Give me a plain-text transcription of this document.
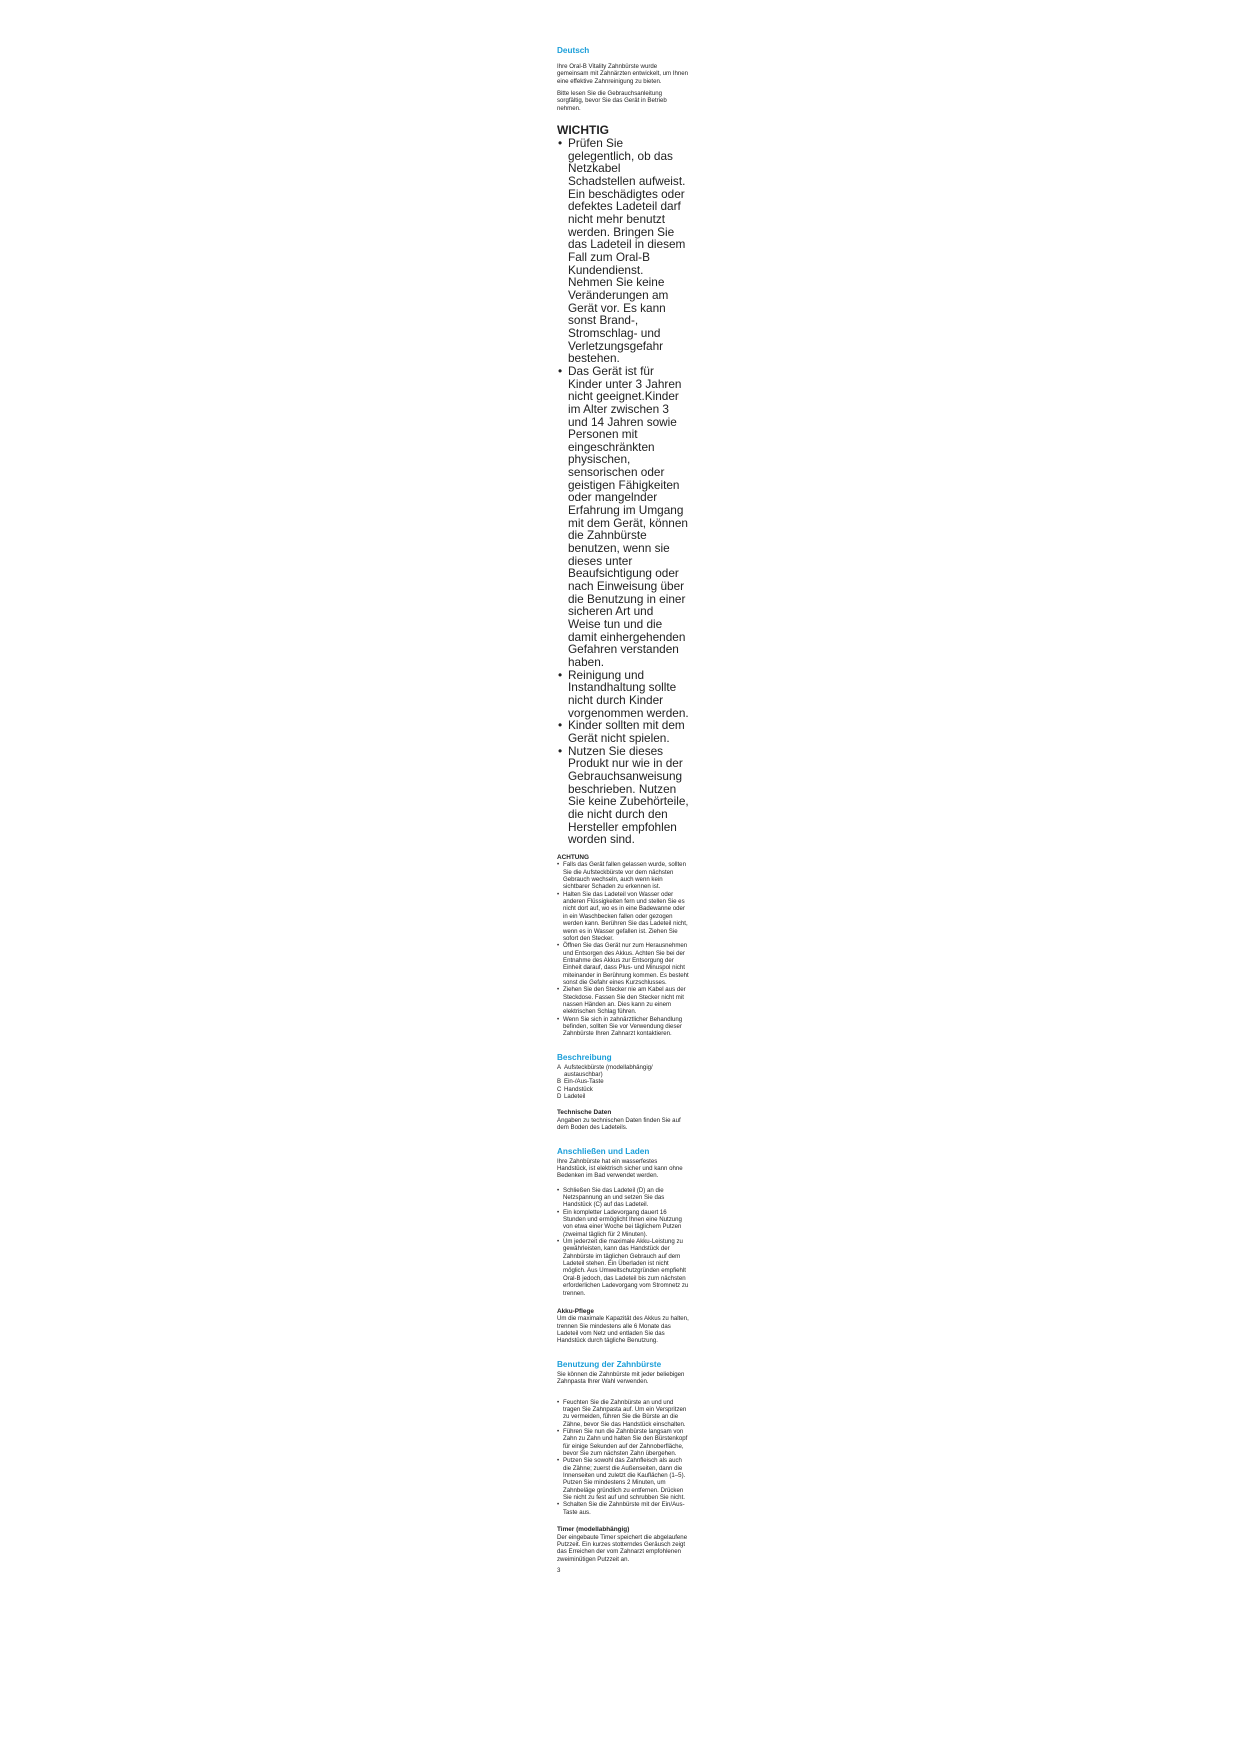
Deutsch

Ihre Oral-B Vitality Zahnbürste wurde gemeinsam mit Zahnärzten entwickelt, um Ihnen eine effektive Zahnreinigung zu bieten.

Bitte lesen Sie die Gebrauchsanleitung sorgfältig, bevor Sie das Gerät in Betrieb nehmen.

WICHTIG
• Prüfen Sie gelegentlich, ob das Netzkabel Schadstellen aufweist. Ein beschädigtes oder defektes Ladeteil darf nicht mehr benutzt werden. Bringen Sie das Ladeteil in diesem Fall zum Oral-B Kundendienst. Nehmen Sie keine Veränderungen am Gerät vor. Es kann sonst Brand-, Stromschlag- und Verletzungsgefahr bestehen.
• Das Gerät ist für Kinder unter 3 Jahren nicht geeignet.Kinder im Alter zwischen 3 und 14 Jahren sowie Personen mit eingeschränkten physischen, sensorischen oder geistigen Fähigkeiten oder mangelnder Erfahrung im Umgang mit dem Gerät, können die Zahnbürste benutzen, wenn sie dieses unter Beaufsichtigung oder nach Einweisung über die Benutzung in einer sicheren Art und Weise tun und die damit einhergehenden Gefahren verstanden haben.
• Reinigung und Instandhaltung sollte nicht durch Kinder vorgenommen werden.
• Kinder sollten mit dem Gerät nicht spielen.
• Nutzen Sie dieses Produkt nur wie in der Gebrauchsanweisung beschrieben. Nutzen Sie keine Zubehörteile, die nicht durch den Hersteller empfohlen worden sind.
ACHTUNG
• Falls das Gerät fallen gelassen wurde, sollten Sie die Aufsteckbürste vor dem nächsten Gebrauch wechseln, auch wenn kein sichtbarer Schaden zu erkennen ist.
• Halten Sie das Ladeteil von Wasser oder anderen Flüssigkeiten fern und stellen Sie es nicht dort auf, wo es in eine Badewanne oder in ein Waschbecken fallen oder gezogen werden kann. Berühren Sie das Ladeteil nicht, wenn es in Wasser gefallen ist. Ziehen Sie sofort den Stecker.
• Öffnen Sie das Gerät nur zum Herausnehmen und Entsorgen des Akkus. Achten Sie bei der Entnahme des Akkus zur Entsorgung der Einheit darauf, dass Plus- und Minuspol nicht miteinander in Berührung kommen. Es besteht sonst die Gefahr eines Kurzschlusses.
• Ziehen Sie den Stecker nie am Kabel aus der Steckdose. Fassen Sie den Stecker nicht mit nassen Händen an. Dies kann zu einem elektrischen Schlag führen.
• Wenn Sie sich in zahnärztlicher Behandlung befinden, sollten Sie vor Verwendung dieser Zahnbürste Ihren Zahnarzt kontaktieren.
Beschreibung
A Aufsteckbürste (modellabhängig/ austauschbar)
B Ein-/Aus-Taste
C Handstück
D Ladeteil
Technische Daten

Angaben zu technischen Daten finden Sie auf dem Boden des Ladeteils.

Anschließen und Laden

Ihre Zahnbürste hat ein wasserfestes Handstück, ist elektrisch sicher und kann ohne Bedenken im Bad verwendet werden.

• Schließen Sie das Ladeteil (D) an die Netzspannung an und setzen Sie das Handstück (C) auf das Ladeteil.
• Ein kompletter Ladevorgang dauert 16 Stunden und ermöglicht Ihnen eine Nutzung von etwa einer Woche bei täglichem Putzen (zweimal täglich für 2 Minuten).
• Um jederzeit die maximale Akku-Leistung zu gewährleisten, kann das Handstück der Zahnbürste im täglichen Gebrauch auf dem Ladeteil stehen. Ein Überladen ist nicht möglich. Aus Umweltschutzgründen empfiehlt Oral-B jedoch, das Ladeteil bis zum nächsten erforderlichen Ladevorgang vom Stromnetz zu trennen.
Akku-Pflege

Um die maximale Kapazität des Akkus zu halten, trennen Sie mindestens alle 6 Monate das Ladeteil vom Netz und entladen Sie das Handstück durch tägliche Benutzung.

Benutzung der Zahnbürste

Sie können die Zahnbürste mit jeder beliebigen Zahnpasta Ihrer Wahl verwenden.

• Feuchten Sie die Zahnbürste an und und tragen Sie Zahnpasta auf. Um ein Verspritzen zu vermeiden, führen Sie die Bürste an die Zähne, bevor Sie das Handstück einschalten.
• Führen Sie nun die Zahnbürste langsam von Zahn zu Zahn und halten Sie den Bürstenkopf für einige Sekunden auf der Zahnoberfläche, bevor Sie zum nächsten Zahn übergehen.
• Putzen Sie sowohl das Zahnfleisch als auch die Zähne; zuerst die Außenseiten, dann die Innenseiten und zuletzt die Kauflächen (1–5). Putzen Sie mindestens 2 Minuten, um Zahnbeläge gründlich zu entfernen. Drücken Sie nicht zu fest auf und schrubben Sie nicht.
• Schalten Sie die Zahnbürste mit der Ein/Aus-Taste aus.
Timer (modellabhängig)

Der eingebaute Timer speichert die abgelaufene Putzzeit. Ein kurzes stotterndes Geräusch zeigt das Erreichen der vom Zahnarzt empfohlenen zweiminütigen Putzzeit an.

3
